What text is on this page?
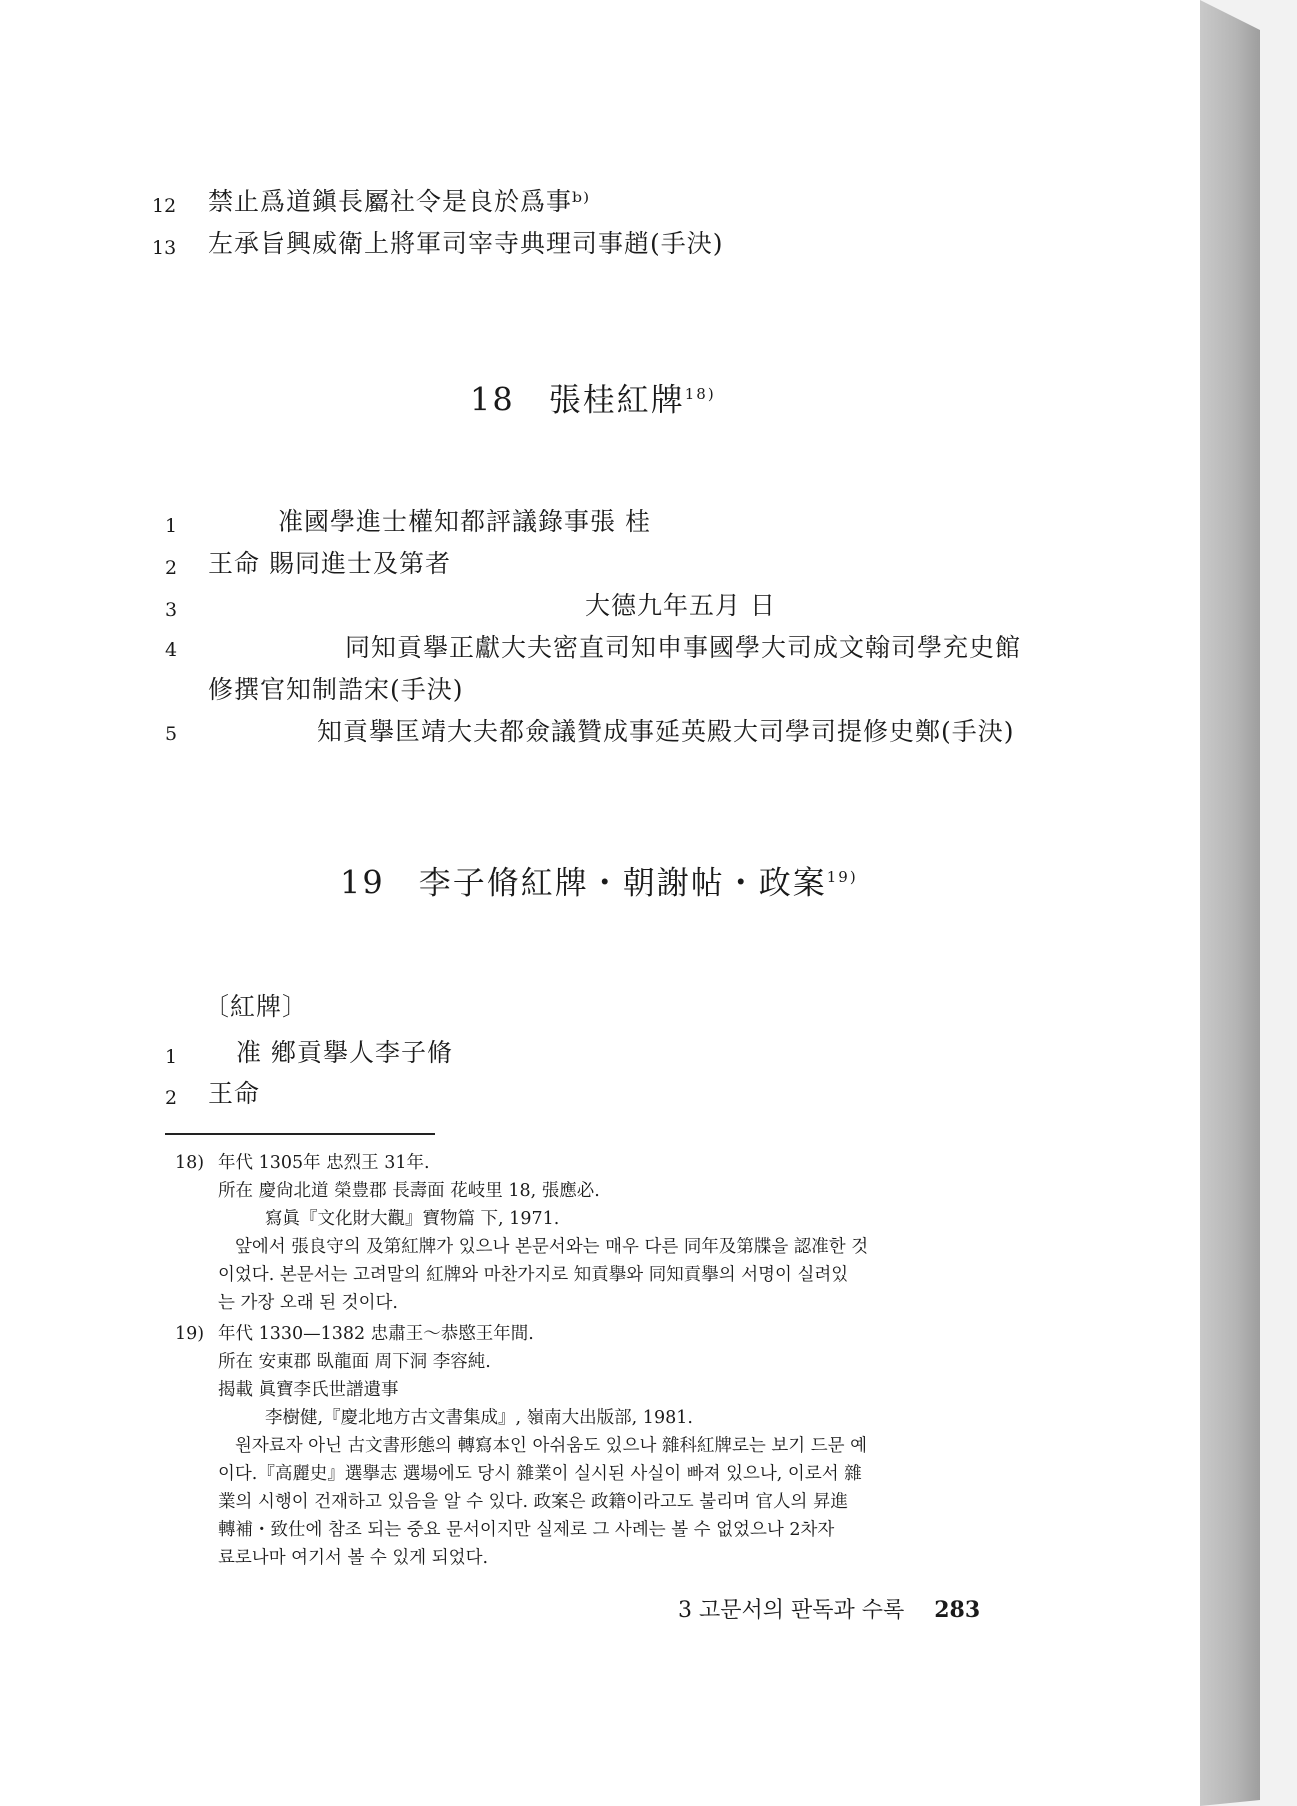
12 禁止爲道鎭長屬社令是良於爲事ᵇ⁾
13 左承旨興威衛上將軍司宰寺典理司事趙(手決)
18 張桂紅牌$^{18)}$
1	准國學進士權知都評議錄事張 桂
2 王命 賜同進士及第者
3	大德九年五月 日
4	同知貢擧正獻大夫密直司知申事國學大司成文翰司學充史館
修撰官知制誥宋(手決)
5	知貢擧匡靖大夫都僉議贊成事延英殿大司學司提修史鄭(手決)
19 李子脩紅牌・朝謝帖・政案$^{19)}$
〔紅牌〕
1 准 鄕貢擧人李子脩
2 王命
18) 年代 1305年 忠烈王 31年.
所在 慶尙北道 榮豊郡 長壽面 花岐里 18, 張應必.
寫眞『文化財大觀』寶物篇 下, 1971.
앞에서 張良守의 及第紅牌가 있으나 본문서와는 매우 다른 同年及第牒을 認准한 것
이었다. 본문서는 고려말의 紅牌와 마찬가지로 知貢擧와 同知貢擧의 서명이 실려있
는 가장 오래 된 것이다.
19) 年代 1330—1382 忠肅王～恭愍王年間.
所在 安東郡 臥龍面 周下洞 李容純.
揭載 眞寶李氏世譜遺事
李樹健,『慶北地方古文書集成』, 嶺南大出版部, 1981.
원자료자 아닌 古文書形態의 轉寫本인 아쉬움도 있으나 雜科紅牌로는 보기 드문 예
이다.『高麗史』選擧志 選場에도 당시 雜業이 실시된 사실이 빠져 있으나, 이로서 雜
業의 시행이 건재하고 있음을 알 수 있다. 政案은 政籍이라고도 불리며 官人의 昇進
轉補・致仕에 참조 되는 중요 문서이지만 실제로 그 사례는 볼 수 없었으나 2차자
료로나마 여기서 볼 수 있게 되었다.
3 고문서의 판독과 수록 283
